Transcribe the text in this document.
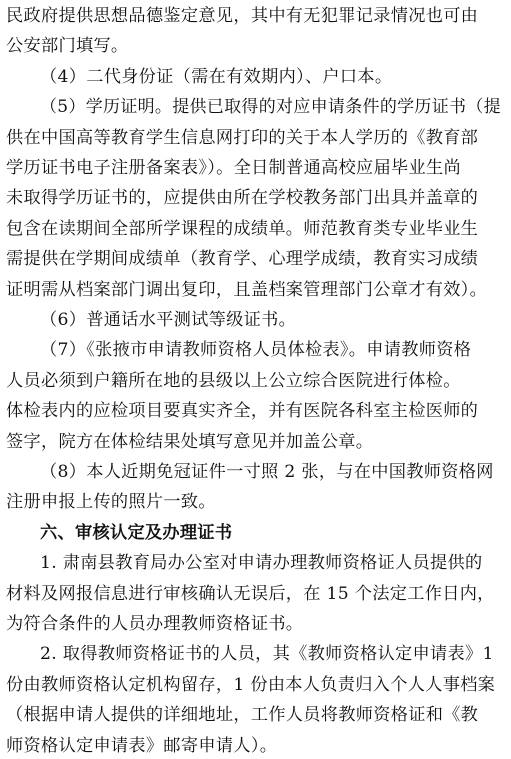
民政府提供思想品德鉴定意见，其中有无犯罪记录情况也可由
公安部门填写。
（4）二代身份证（需在有效期内）、户口本。
（5）学历证明。提供已取得的对应申请条件的学历证书（提
供在中国高等教育学生信息网打印的关于本人学历的《教育部
学历证书电子注册备案表》）。全日制普通高校应届毕业生尚
未取得学历证书的，应提供由所在学校教务部门出具并盖章的
包含在读期间全部所学课程的成绩单。师范教育类专业毕业生
需提供在学期间成绩单（教育学、心理学成绩，教育实习成绩
证明需从档案部门调出复印，且盖档案管理部门公章才有效）。
（6）普通话水平测试等级证书。
（7）《张掖市申请教师资格人员体检表》。申请教师资格
人员必须到户籍所在地的县级以上公立综合医院进行体检。
体检表内的应检项目要真实齐全，并有医院各科室主检医师的
签字，院方在体检结果处填写意见并加盖公章。
（8）本人近期免冠证件一寸照 2 张，与在中国教师资格网
注册申报上传的照片一致。
六、审核认定及办理证书
1. 肃南县教育局办公室对申请办理教师资格证人员提供的
材料及网报信息进行审核确认无误后，在 15 个法定工作日内，
为符合条件的人员办理教师资格证书。
2. 取得教师资格证书的人员，其《教师资格认定申请表》1
份由教师资格认定机构留存，1 份由本人负责归入个人人事档案
（根据申请人提供的详细地址，工作人员将教师资格证和《教
师资格认定申请表》邮寄申请人）。
